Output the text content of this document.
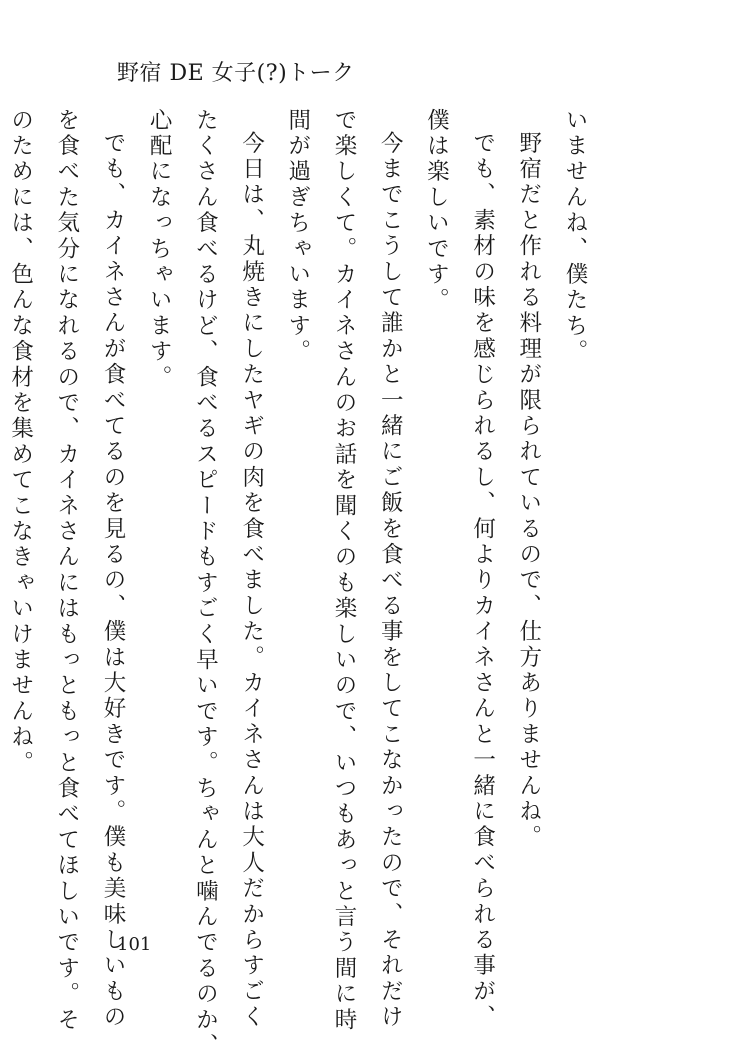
野宿 DE 女子(?)トーク

いませんね、僕たち。

野宿だと作れる料理が限られているので、仕方ありませんね。

でも、素材の味を感じられるし、何よりカイネさんと一緒に食べられる事が、
僕は楽しいです。

今までこうして誰かと一緒にご飯を食べる事をしてこなかったので、それだけ
で楽しくて。カイネさんのお話を聞くのも楽しいので、いつもあっと言う間に時
間が過ぎちゃいます。

今日は、丸焼きにしたヤギの肉を食べました。カイネさんは大人だからすごく
たくさん食べるけど、食べるスピードもすごく早いです。ちゃんと噛んでるのか、
心配になっちゃいます。

でも、カイネさんが食べてるのを見るの、僕は大好きです。僕も美味しいもの
を食べた気分になれるので、カイネさんにはもっともっと食べてほしいです。そ
のためには、色んな食材を集めてこなきゃいけませんね。

101
